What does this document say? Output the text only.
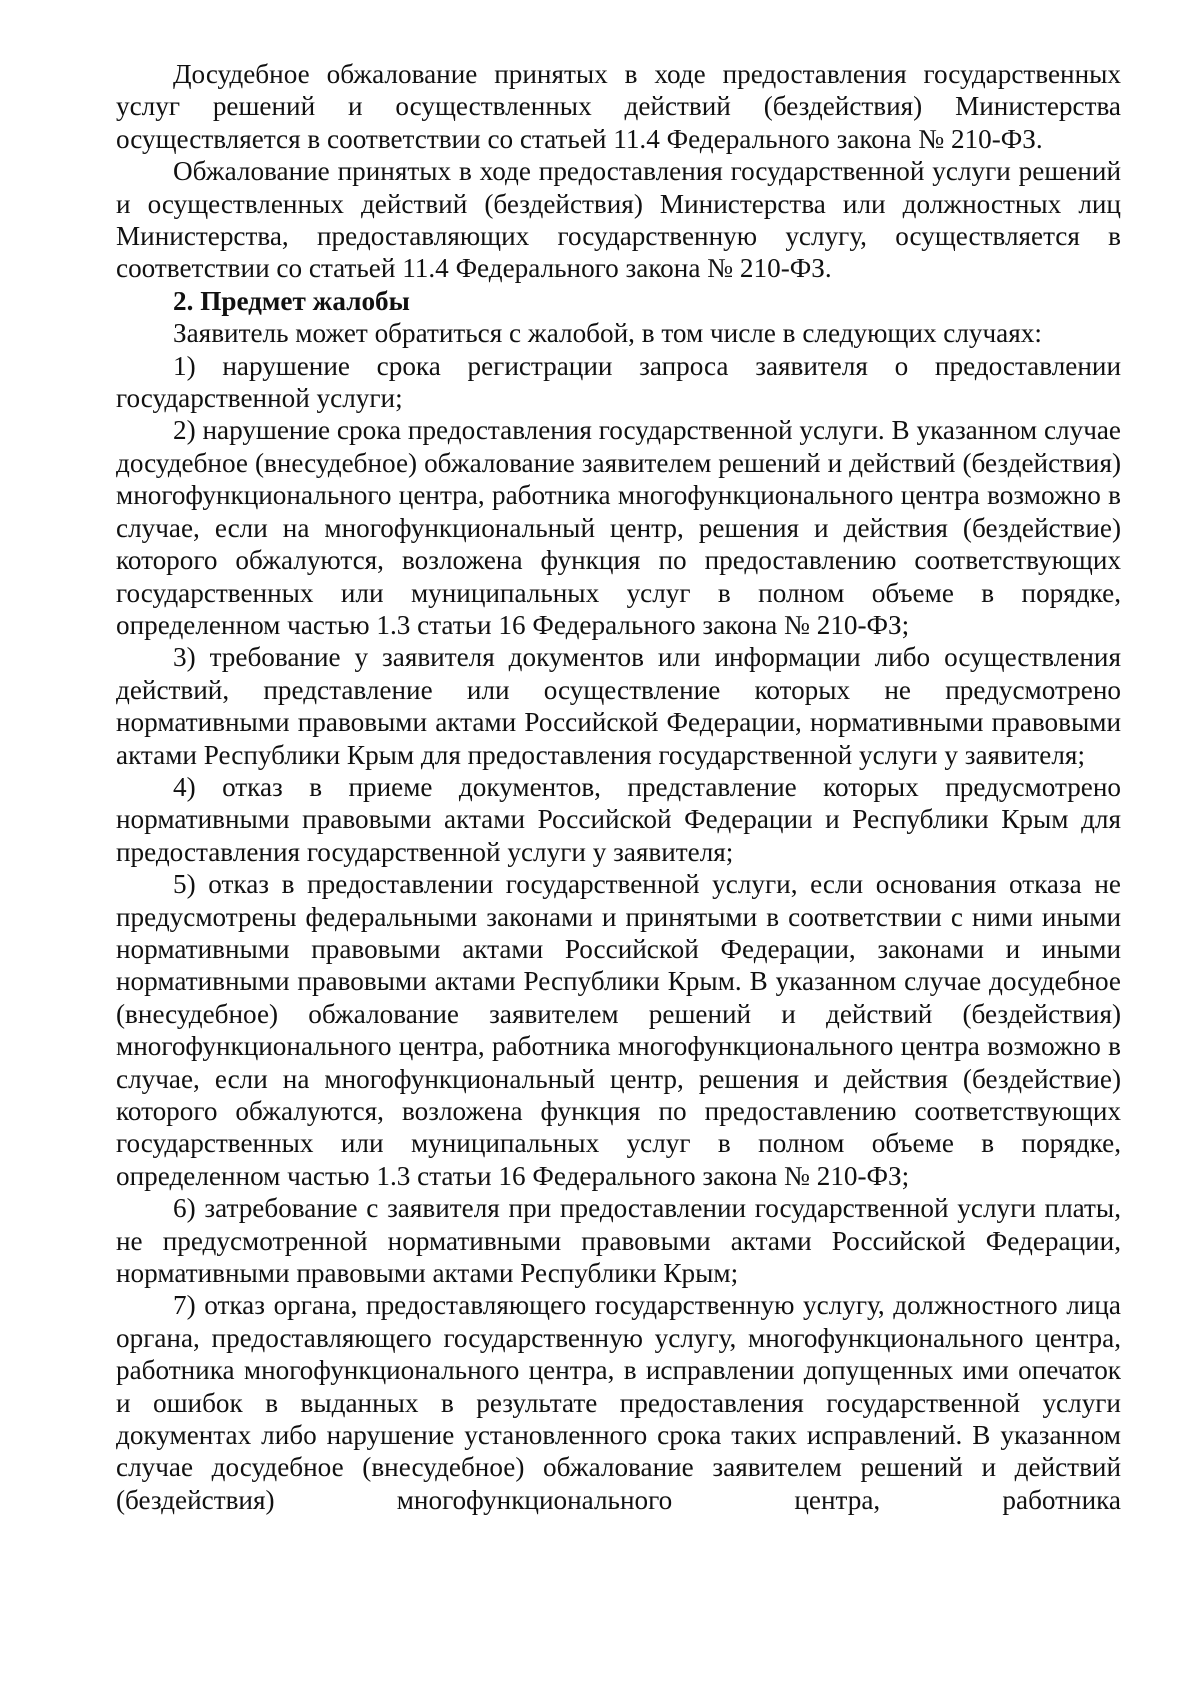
Досудебное обжалование принятых в ходе предоставления государственных услуг решений и осуществленных действий (бездействия) Министерства осуществляется в соответствии со статьей 11.4 Федерального закона № 210-ФЗ.

Обжалование принятых в ходе предоставления государственной услуги решений и осуществленных действий (бездействия) Министерства или должностных лиц Министерства, предоставляющих государственную услугу, осуществляется в соответствии со статьей 11.4 Федерального закона № 210-ФЗ.

2. Предмет жалобы

Заявитель может обратиться с жалобой, в том числе в следующих случаях:

1) нарушение срока регистрации запроса заявителя о предоставлении государственной услуги;

2) нарушение срока предоставления государственной услуги. В указанном случае досудебное (внесудебное) обжалование заявителем решений и действий (бездействия) многофункционального центра, работника многофункционального центра возможно в случае, если на многофункциональный центр, решения и действия (бездействие) которого обжалуются, возложена функция по предоставлению соответствующих государственных или муниципальных услуг в полном объеме в порядке, определенном частью 1.3 статьи 16 Федерального закона № 210-ФЗ;

3) требование у заявителя документов или информации либо осуществления действий, представление или осуществление которых не предусмотрено нормативными правовыми актами Российской Федерации, нормативными правовыми актами Республики Крым для предоставления государственной услуги у заявителя;

4) отказ в приеме документов, представление которых предусмотрено нормативными правовыми актами Российской Федерации и Республики Крым для предоставления государственной услуги у заявителя;

5) отказ в предоставлении государственной услуги, если основания отказа не предусмотрены федеральными законами и принятыми в соответствии с ними иными нормативными правовыми актами Российской Федерации, законами и иными нормативными правовыми актами Республики Крым. В указанном случае досудебное (внесудебное) обжалование заявителем решений и действий (бездействия) многофункционального центра, работника многофункционального центра возможно в случае, если на многофункциональный центр, решения и действия (бездействие) которого обжалуются, возложена функция по предоставлению соответствующих государственных или муниципальных услуг в полном объеме в порядке, определенном частью 1.3 статьи 16 Федерального закона № 210-ФЗ;

6) затребование с заявителя при предоставлении государственной услуги платы, не предусмотренной нормативными правовыми актами Российской Федерации, нормативными правовыми актами Республики Крым;

7) отказ органа, предоставляющего государственную услугу, должностного лица органа, предоставляющего государственную услугу, многофункционального центра, работника многофункционального центра, в исправлении допущенных ими опечаток и ошибок в выданных в результате предоставления государственной услуги документах либо нарушение установленного срока таких исправлений. В указанном случае досудебное (внесудебное) обжалование заявителем решений и действий (бездействия) многофункционального центра, работника
